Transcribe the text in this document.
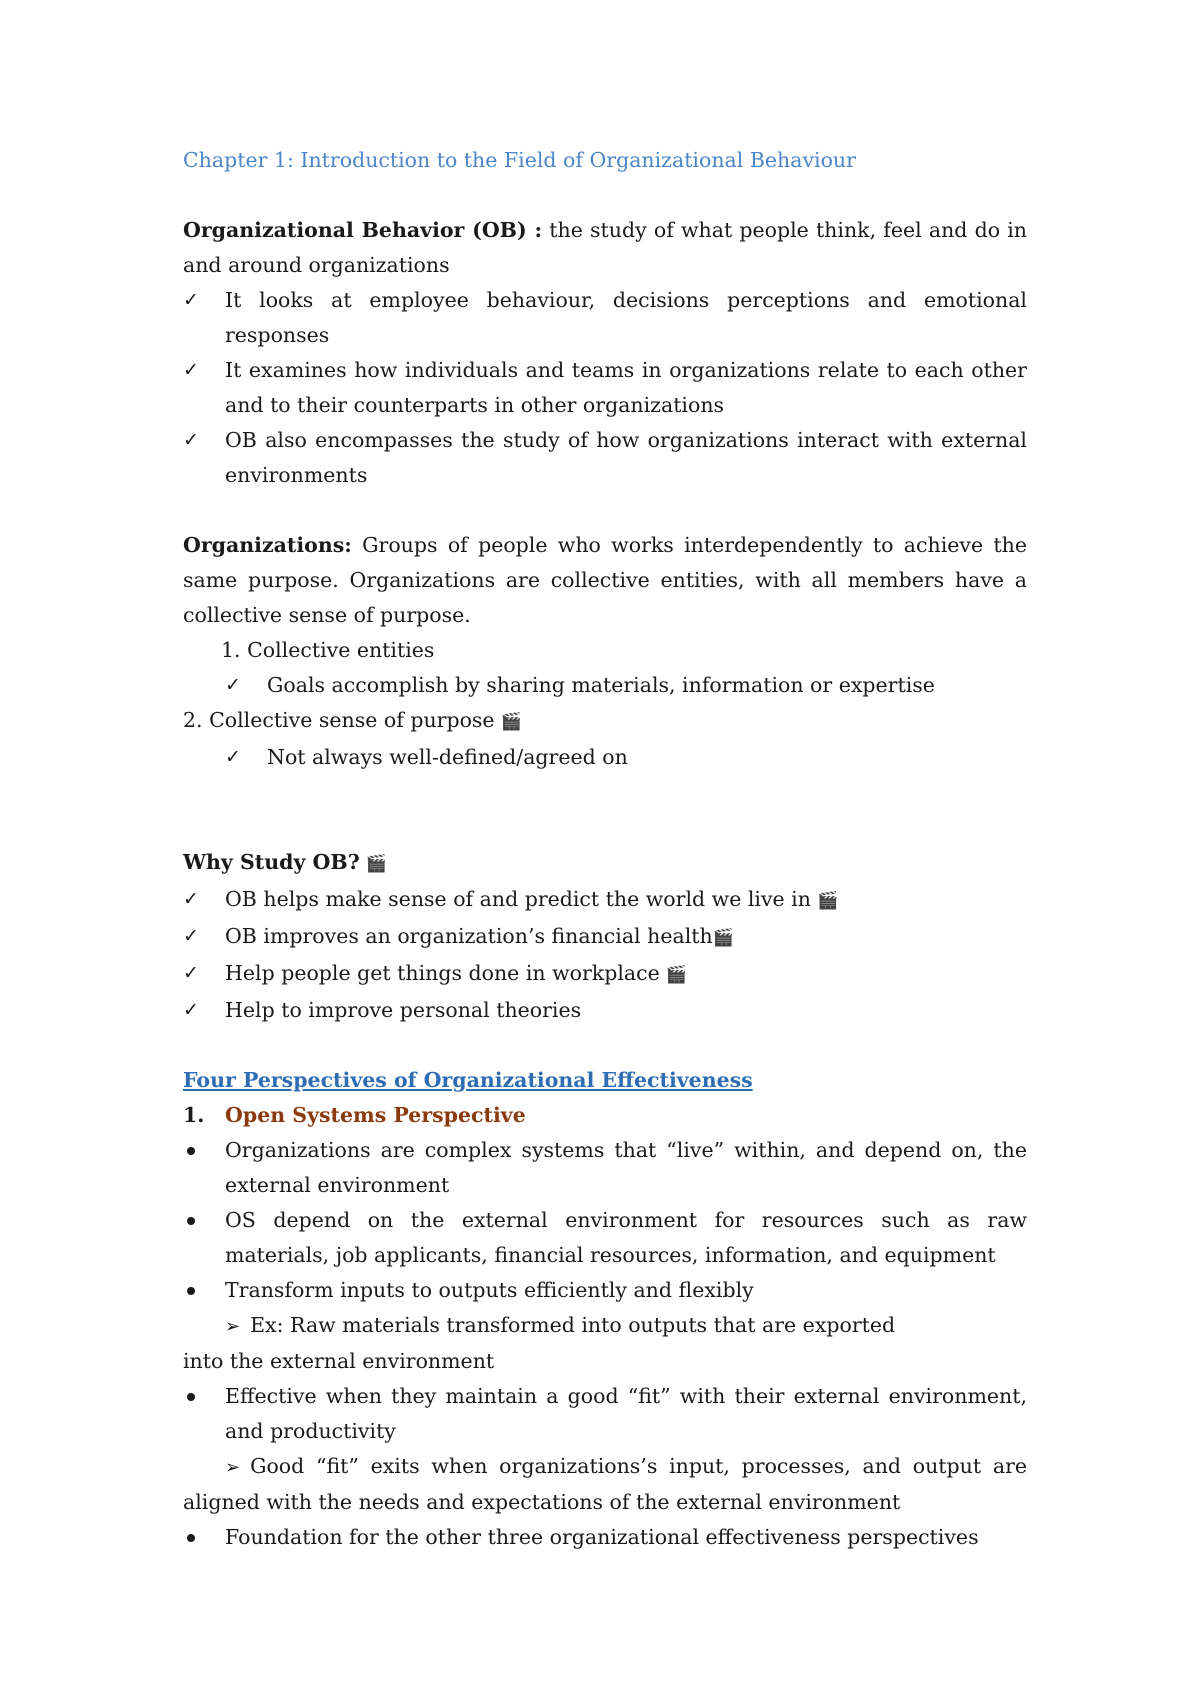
Chapter 1: Introduction to the Field of Organizational Behaviour

Organizational Behavior (OB) : the study of what people think, feel and do in and around organizations

✓	It looks at employee behaviour, decisions perceptions and emotional responses
✓	It examines how individuals and teams in organizations relate to each other and to their counterparts in other organizations
✓	OB also encompasses the study of how organizations interact with external environments

Organizations: Groups of people who works interdependently to achieve the same purpose. Organizations are collective entities, with all members have a collective sense of purpose.

1. Collective entities
✓	Goals accomplish by sharing materials, information or expertise
2. Collective sense of purpose 🎬
✓	Not always well-defined/agreed on
Why Study OB? 🎬
✓	OB helps make sense of and predict the world we live in 🎬
✓	OB improves an organization’s financial health🎬
✓	Help people get things done in workplace 🎬
✓	Help to improve personal theories
Four Perspectives of Organizational Effectiveness
1. Open Systems Perspective
Organizations are complex systems that “live” within, and depend on, the external environment
OS depend on the external environment for resources such as raw materials, job applicants, financial resources, information, and equipment
Transform inputs to outputs efficiently and flexibly
➢ Ex: Raw materials transformed into outputs that are exported
into the external environment
Effective when they maintain a good “fit” with their external environment, and productivity
➢ Good “fit” exits when organizations’s input, processes, and output are
aligned with the needs and expectations of the external environment
Foundation for the other three organizational effectiveness perspectives
